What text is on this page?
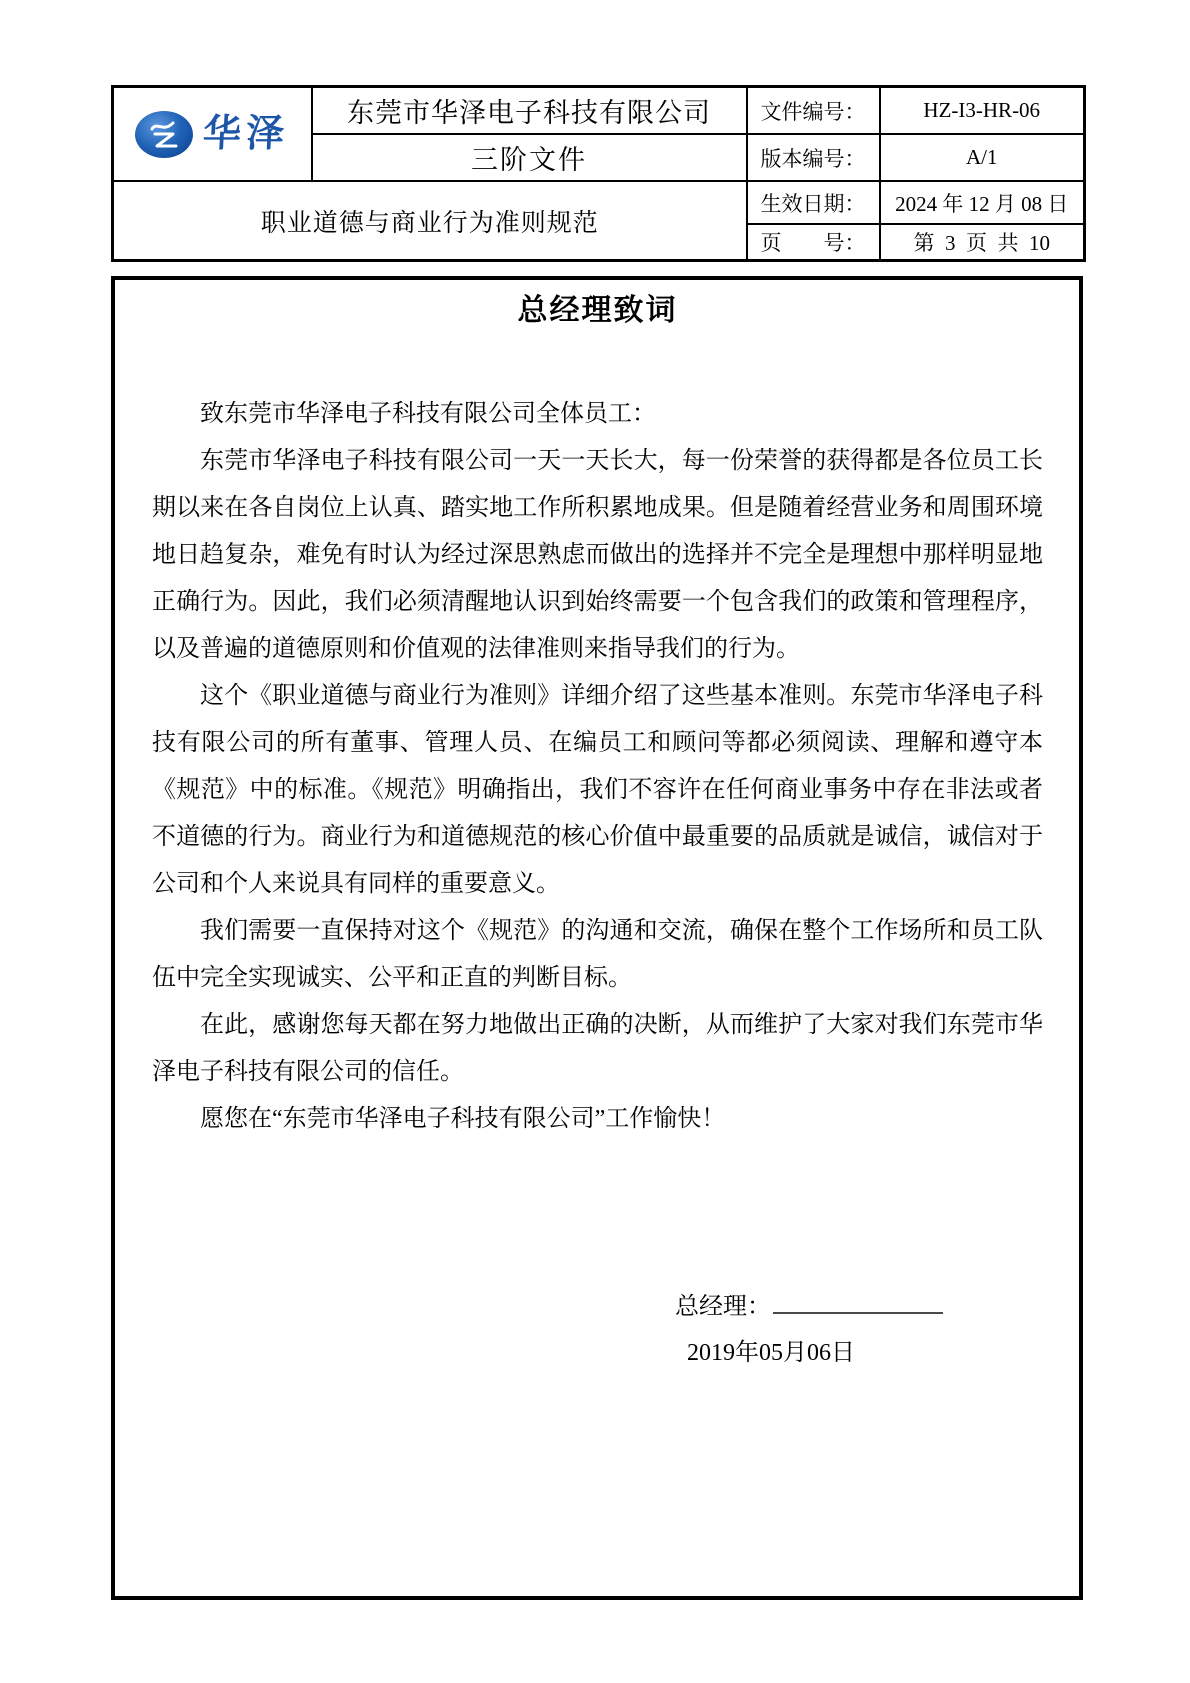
华泽	东莞市华泽电子科技有限公司	文件编号：	HZ-I3-HR-06
	三阶文件	版本编号：	A/1
职业道德与商业行为准则规范		生效日期：	2024 年 12 月 08 日
		页　　号：	第  3  页  共  10
总经理致词

致东莞市华泽电子科技有限公司全体员工：

东莞市华泽电子科技有限公司一天一天长大，每一份荣誉的获得都是各位员工长期以来在各自岗位上认真、踏实地工作所积累地成果。但是随着经营业务和周围环境地日趋复杂，难免有时认为经过深思熟虑而做出的选择并不完全是理想中那样明显地正确行为。因此，我们必须清醒地认识到始终需要一个包含我们的政策和管理程序，以及普遍的道德原则和价值观的法律准则来指导我们的行为。

这个《职业道德与商业行为准则》详细介绍了这些基本准则。东莞市华泽电子科技有限公司的所有董事、管理人员、在编员工和顾问等都必须阅读、理解和遵守本《规范》中的标准。《规范》明确指出，我们不容许在任何商业事务中存在非法或者不道德的行为。商业行为和道德规范的核心价值中最重要的品质就是诚信，诚信对于公司和个人来说具有同样的重要意义。

我们需要一直保持对这个《规范》的沟通和交流，确保在整个工作场所和员工队伍中完全实现诚实、公平和正直的判断目标。

在此，感谢您每天都在努力地做出正确的决断，从而维护了大家对我们东莞市华泽电子科技有限公司的信任。

愿您在“东莞市华泽电子科技有限公司”工作愉快！

总经理：
2019年05月06日
